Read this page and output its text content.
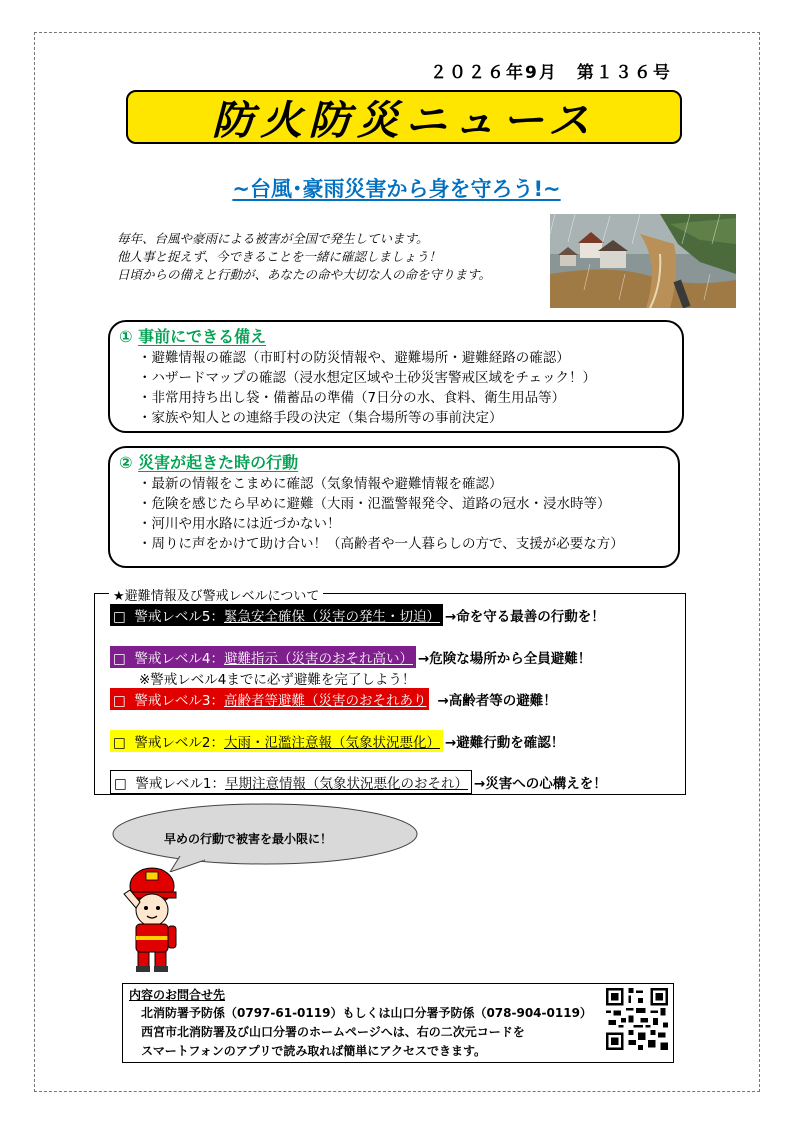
２０２６年9月　第１３６号
防火防災ニュース
~台風･豪雨災害から身を守ろう!~
毎年、台風や豪雨による被害が全国で発生しています。
他人事と捉えず、今できることを一緒に確認しましょう！
日頃からの備えと行動が、あなたの命や大切な人の命を守ります。
① 事前にできる備え
・避難情報の確認（市町村の防災情報や、避難場所・避難経路の確認）
・ハザードマップの確認（浸水想定区域や土砂災害警戒区域をチェック！）
・非常用持ち出し袋・備蓄品の準備（7日分の水、食料、衛生用品等）
・家族や知人との連絡手段の決定（集合場所等の事前決定）
② 災害が起きた時の行動
・最新の情報をこまめに確認（気象情報や避難情報を確認）
・危険を感じたら早めに避難（大雨・氾濫警報発令、道路の冠水・浸水時等）
・河川や用水路には近づかない！
・周りに声をかけて助け合い！（高齢者や一人暮らしの方で、支援が必要な方）
★避難情報及び警戒レベルについて
□ 警戒レベル5：緊急安全確保（災害の発生・切迫） →命を守る最善の行動を！
□ 警戒レベル4：避難指示（災害のおそれ高い） →危険な場所から全員避難！
※警戒レベル4までに必ず避難を完了しよう！
□ 警戒レベル3：高齢者等避難（災害のおそれあり →高齢者等の避難！
□ 警戒レベル2：大雨・氾濫注意報（気象状況悪化） →避難行動を確認！
□ 警戒レベル1：早期注意情報（気象状況悪化のおそれ） →災害への心構えを！
早めの行動で被害を最小限に！
内容のお問合せ先
北消防署予防係（0797-61-0119）もしくは山口分署予防係（078-904-0119）
西宮市北消防署及び山口分署のホームページへは、右の二次元コードを
スマートフォンのアプリで読み取れば簡単にアクセスできます。
